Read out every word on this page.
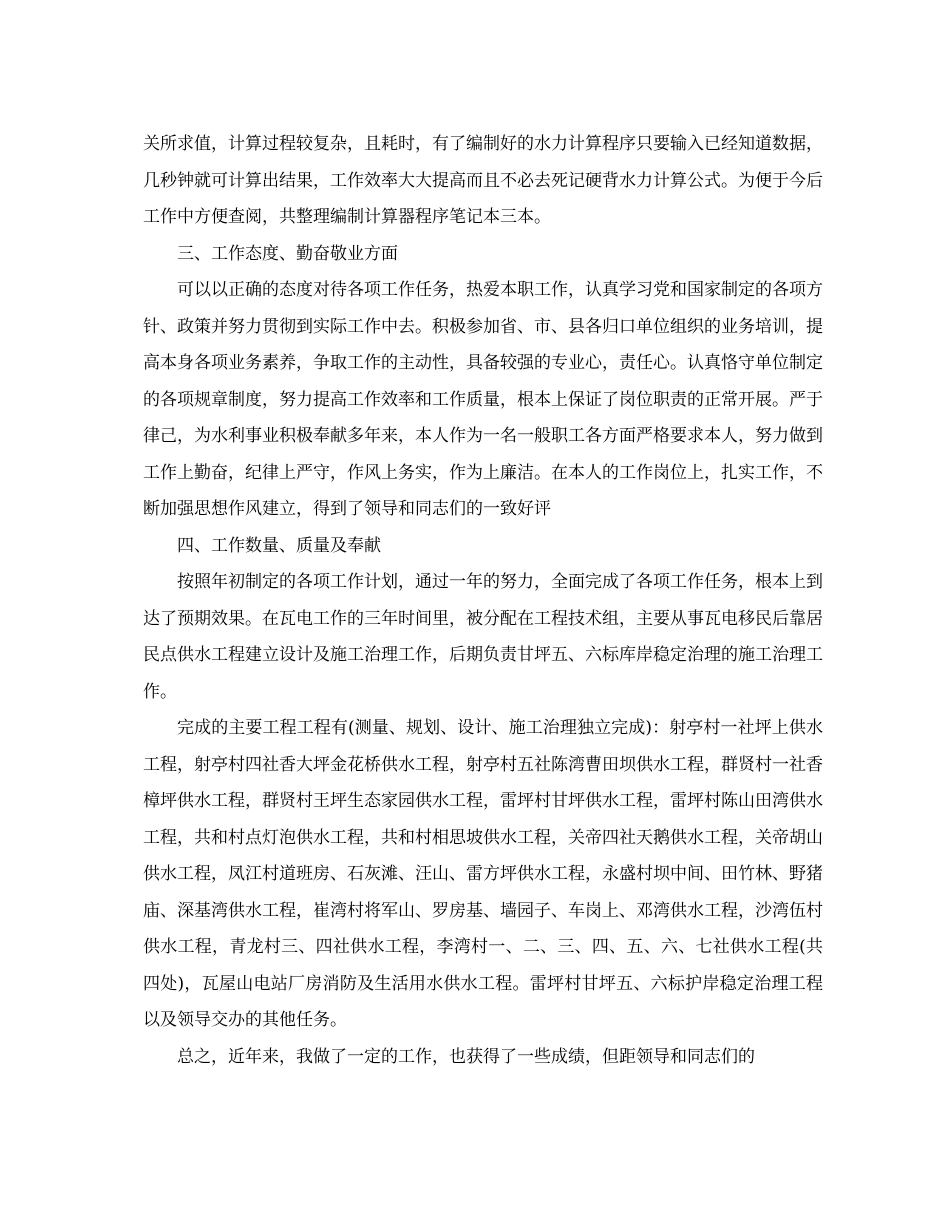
关所求值，计算过程较复杂，且耗时，有了编制好的水力计算程序只要输入已经知道数据，几秒钟就可计算出结果，工作效率大大提高而且不必去死记硬背水力计算公式。为便于今后工作中方便查阅，共整理编制计算器程序笔记本三本。

三、工作态度、勤奋敬业方面

可以以正确的态度对待各项工作任务，热爱本职工作，认真学习党和国家制定的各项方针、政策并努力贯彻到实际工作中去。积极参加省、市、县各归口单位组织的业务培训，提高本身各项业务素养，争取工作的主动性，具备较强的专业心，责任心。认真恪守单位制定的各项规章制度，努力提高工作效率和工作质量，根本上保证了岗位职责的正常开展。严于律己，为水利事业积极奉献多年来，本人作为一名一般职工各方面严格要求本人，努力做到工作上勤奋，纪律上严守，作风上务实，作为上廉洁。在本人的工作岗位上，扎实工作，不断加强思想作风建立，得到了领导和同志们的一致好评

四、工作数量、质量及奉献

按照年初制定的各项工作计划，通过一年的努力，全面完成了各项工作任务，根本上到达了预期效果。在瓦电工作的三年时间里，被分配在工程技术组，主要从事瓦电移民后靠居民点供水工程建立设计及施工治理工作，后期负责甘坪五、六标库岸稳定治理的施工治理工作。

完成的主要工程工程有(测量、规划、设计、施工治理独立完成)：射亭村一社坪上供水工程，射亭村四社香大坪金花桥供水工程，射亭村五社陈湾曹田坝供水工程，群贤村一社香樟坪供水工程，群贤村王坪生态家园供水工程，雷坪村甘坪供水工程，雷坪村陈山田湾供水工程，共和村点灯泡供水工程，共和村相思坡供水工程，关帝四社天鹅供水工程，关帝胡山供水工程，凤江村道班房、石灰滩、汪山、雷方坪供水工程，永盛村坝中间、田竹林、野猪庙、深基湾供水工程，崔湾村将军山、罗房基、墙园子、车岗上、邓湾供水工程，沙湾伍村供水工程，青龙村三、四社供水工程，李湾村一、二、三、四、五、六、七社供水工程(共四处)，瓦屋山电站厂房消防及生活用水供水工程。雷坪村甘坪五、六标护岸稳定治理工程以及领导交办的其他任务。

总之，近年来，我做了一定的工作，也获得了一些成绩，但距领导和同志们的
